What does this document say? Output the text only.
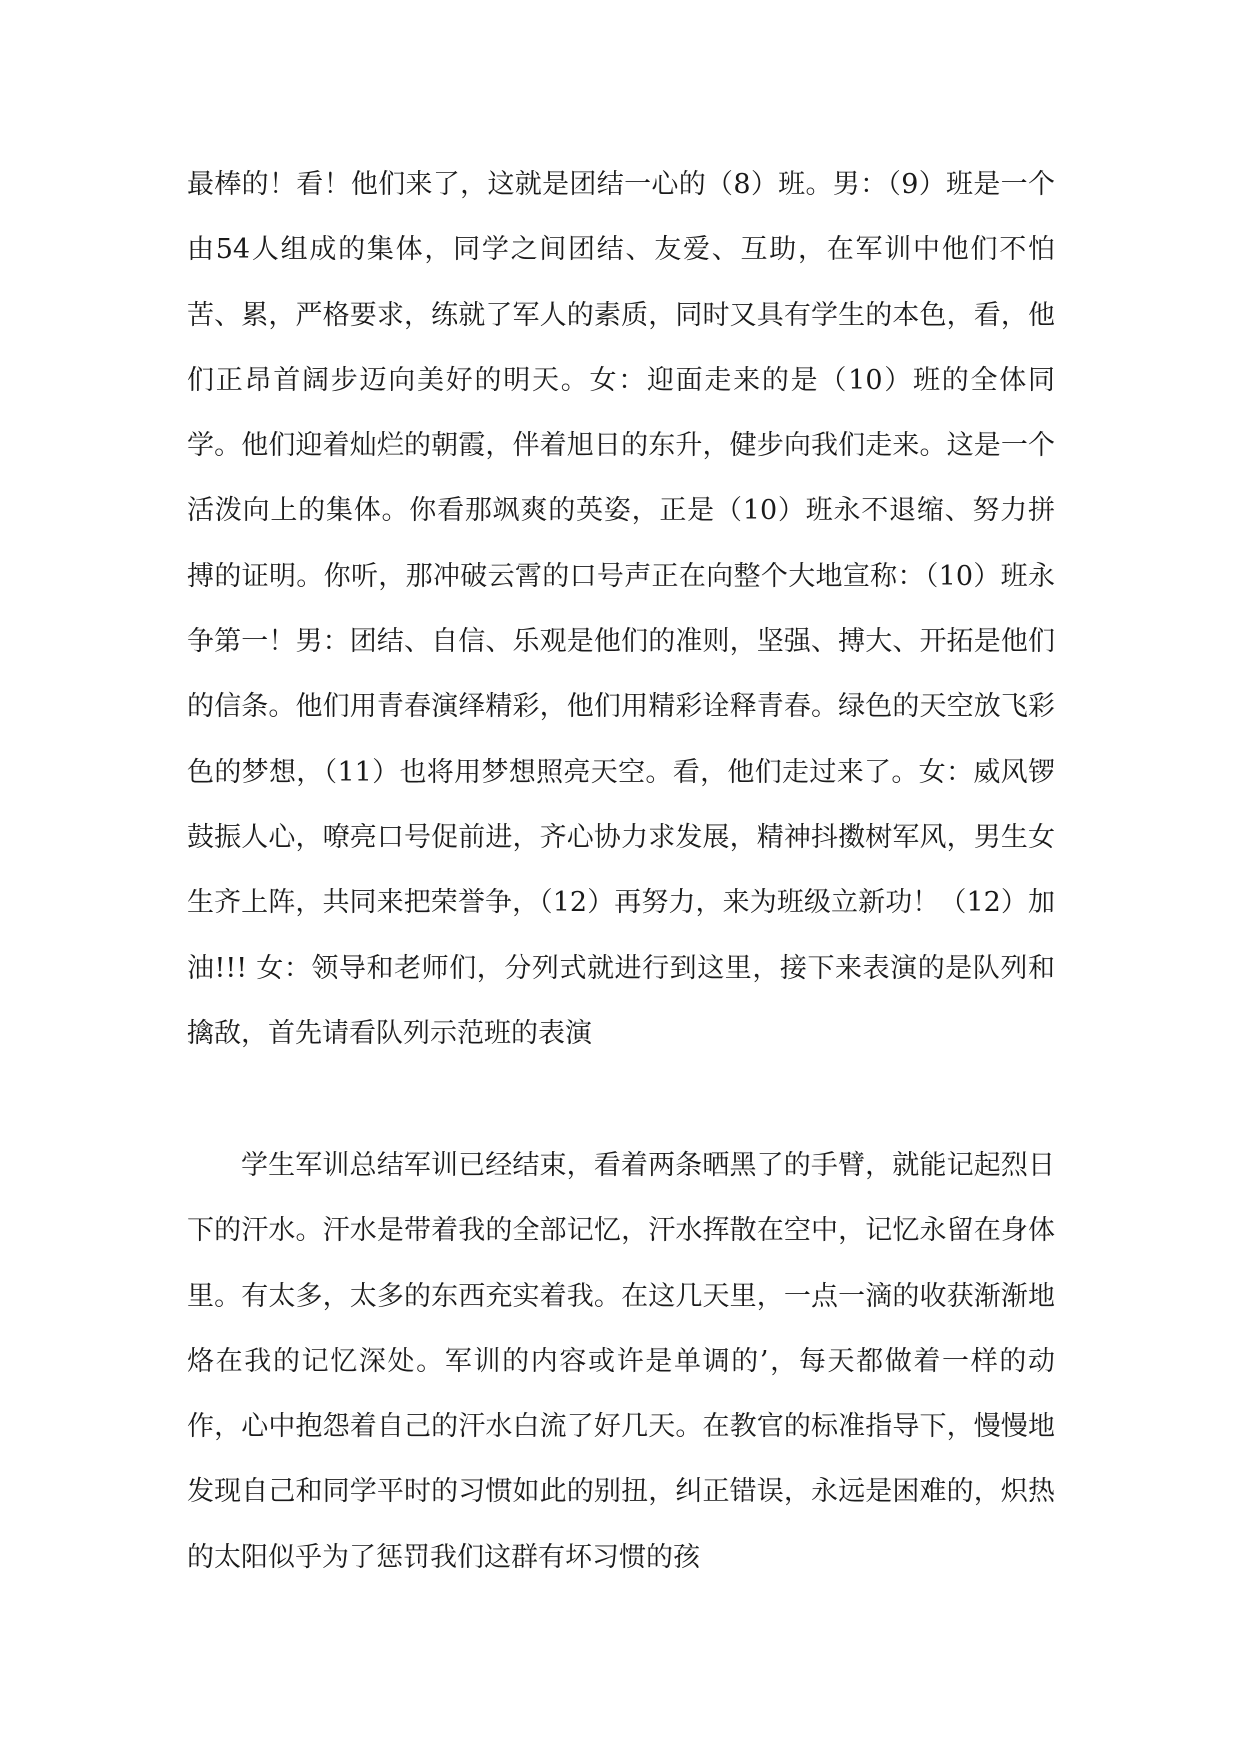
最棒的！看！他们来了，这就是团结一心的（8）班。男：（9）班是一个由54人组成的集体，同学之间团结、友爱、互助，在军训中他们不怕苦、累，严格要求，练就了军人的素质，同时又具有学生的本色，看，他们正昂首阔步迈向美好的明天。女：迎面走来的是（10）班的全体同学。他们迎着灿烂的朝霞，伴着旭日的东升，健步向我们走来。这是一个活泼向上的集体。你看那飒爽的英姿，正是（10）班永不退缩、努力拼搏的证明。你听，那冲破云霄的口号声正在向整个大地宣称：（10）班永争第一！男：团结、自信、乐观是他们的准则，坚强、搏大、开拓是他们的信条。他们用青春演绎精彩，他们用精彩诠释青春。绿色的天空放飞彩色的梦想，（11）也将用梦想照亮天空。看，他们走过来了。女：威风锣鼓振人心，嘹亮口号促前进，齐心协力求发展，精神抖擞树军风，男生女生齐上阵，共同来把荣誉争，（12）再努力，来为班级立新功！（12）加油!!! 女：领导和老师们，分列式就进行到这里，接下来表演的是队列和擒敌，首先请看队列示范班的表演

学生军训总结军训已经结束，看着两条晒黑了的手臂，就能记起烈日下的汗水。汗水是带着我的全部记忆，汗水挥散在空中，记忆永留在身体里。有太多，太多的东西充实着我。在这几天里，一点一滴的收获渐渐地烙在我的记忆深处。军训的内容或许是单调的’，每天都做着一样的动作，心中抱怨着自己的汗水白流了好几天。在教官的标准指导下，慢慢地发现自己和同学平时的习惯如此的别扭，纠正错误，永远是困难的，炽热的太阳似乎为了惩罚我们这群有坏习惯的孩
